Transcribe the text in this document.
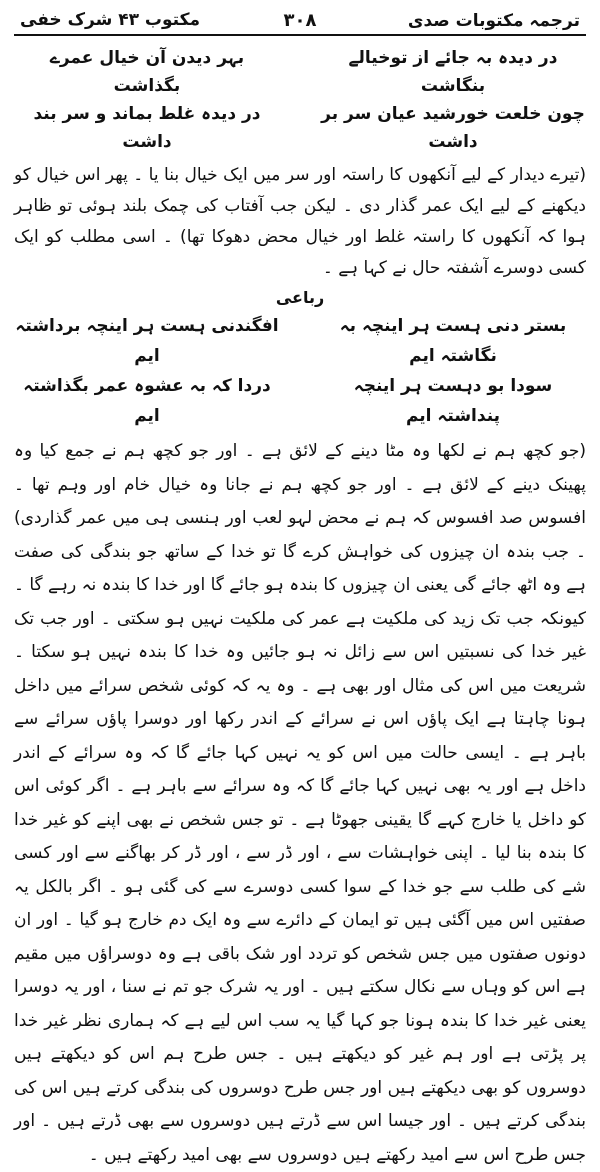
ترجمہ مکتوبات صدی
۳۰۸
مکتوب ۴۳ شرک خفی
در دیدہ بہ جائے از توخیالے بنگاشت
بہر دیدن آن خیال عمرے بگذاشت
چون خلعت خورشید عیان سر بر داشت
در دیدہ غلط بماند و سر بند داشت

(تیرے دیدار کے لیے آنکھوں کا راستہ اور سر میں ایک خیال بنا یا ۔ پھر اس خیال کو دیکھنے کے لیے ایک عمر گذار دی ۔ لیکن جب آفتاب کی چمک بلند ہوئی تو ظاہر ہوا کہ آنکھوں کا راستہ غلط اور خیال محض دھوکا تھا) ۔ اسی مطلب کو ایک کسی دوسرے آشفتہ حال نے کہا ہے ۔

رباعی
بستر دنی ہست ہر اینچہ بہ نگاشتہ ایم
افگندنی ہست ہر اینچہ برداشتہ ایم
سودا بو دہست ہر اینچہ پنداشتہ ایم
دردا کہ بہ عشوہ عمر بگذاشتہ ایم

(جو کچھ ہم نے لکھا وہ مٹا دینے کے لائق ہے ۔ اور جو کچھ ہم نے جمع کیا وہ پھینک دینے کے لائق ہے ۔ اور جو کچھ ہم نے جانا وہ خیال خام اور وہم تھا ۔ افسوس صد افسوس کہ ہم نے محض لہو لعب اور ہنسی ہی میں عمر گذاردی) ۔ جب بندہ ان چیزوں کی خواہش کرے گا تو خدا کے ساتھ جو بندگی کی صفت ہے وہ اٹھ جائے گی یعنی ان چیزوں کا بندہ ہو جائے گا اور خدا کا بندہ نہ رہے گا ۔ کیونکہ جب تک زید کی ملکیت ہے عمر کی ملکیت نہیں ہو سکتی ۔ اور جب تک غیر خدا کی نسبتیں اس سے زائل نہ ہو جائیں وہ خدا کا بندہ نہیں ہو سکتا ۔ شریعت میں اس کی مثال اور بھی ہے ۔ وہ یہ کہ کوئی شخص سرائے میں داخل ہونا چاہتا ہے ایک پاؤں اس نے سرائے کے اندر رکھا اور دوسرا پاؤں سرائے سے باہر ہے ۔ ایسی حالت میں اس کو یہ نہیں کہا جائے گا کہ وہ سرائے کے اندر داخل ہے اور یہ بھی نہیں کہا جائے گا کہ وہ سرائے سے باہر ہے ۔ اگر کوئی اس کو داخل یا خارج کہے گا یقینی جھوٹا ہے ۔ تو جس شخص نے بھی اپنے کو غیر خدا کا بندہ بنا لیا ۔ اپنی خواہشات سے ، اور ڈر سے ، اور ڈر کر بھاگنے سے اور کسی شے کی طلب سے جو خدا کے سوا کسی دوسرے سے کی گئی ہو ۔ اگر بالکل یہ صفتیں اس میں آگئی ہیں تو ایمان کے دائرے سے وہ ایک دم خارج ہو گیا ۔ اور ان دونوں صفتوں میں جس شخص کو تردد اور شک باقی ہے وہ دوسراؤں میں مقیم ہے اس کو وہاں سے نکال سکتے ہیں ۔ اور یہ شرک جو تم نے سنا ، اور یہ دوسرا یعنی غیر خدا کا بندہ ہونا جو کہا گیا یہ سب اس لیے ہے کہ ہماری نظر غیر خدا پر پڑتی ہے اور ہم غیر کو دیکھتے ہیں ۔ جس طرح ہم اس کو دیکھتے ہیں دوسروں کو بھی دیکھتے ہیں اور جس طرح دوسروں کی بندگی کرتے ہیں اس کی بندگی کرتے ہیں ۔ اور جیسا اس سے ڈرتے ہیں دوسروں سے بھی ڈرتے ہیں ۔ اور جس طرح اس سے امید رکھتے ہیں دوسروں سے بھی امید رکھتے ہیں ۔
